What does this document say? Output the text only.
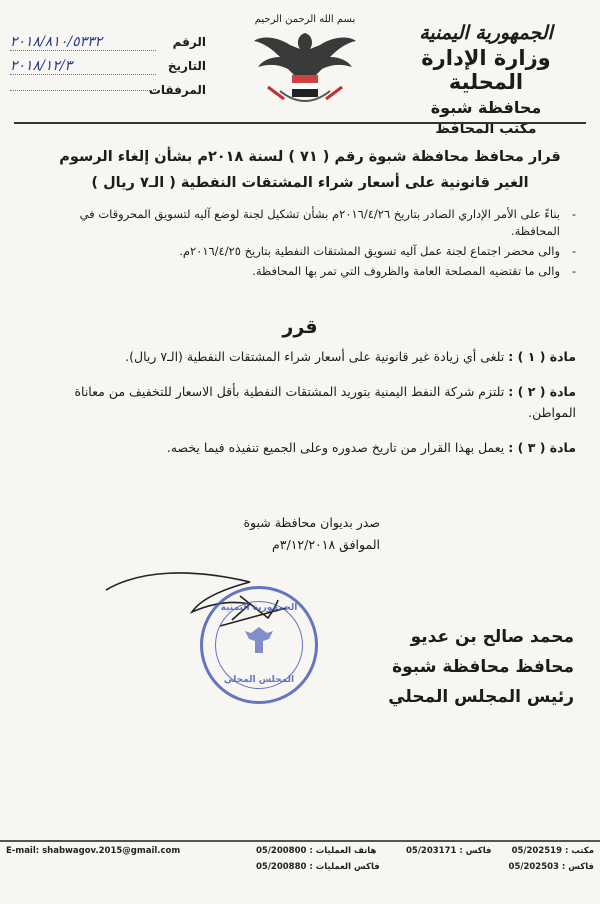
الجمهورية اليمنية
وزارة الإدارة المحلية
محافظة شبوة
مكتب المحافظ
بسم الله الرحمن الرحيم
الرقم
٢٠١٨/٨١٠/٥٣٣٢
التاريخ
٢٠١٨/١٢/٣
المرفقات
قرار محافظ محافظة شبوة رقم ( ٧١ ) لسنة ٢٠١٨م بشأن إلغاء الرسوم
الغير قانونية على أسعار شراء المشتقات النفطية ( الـ٧ ريال )
- بناءً على الأمر الإداري الصادر بتاريخ ٢٠١٦/٤/٢٦م بشأن تشكيل لجنة لوضع آليه لتسويق المحروقات في المحافظة.
- والى محضر اجتماع لجنة عمل آليه تسويق المشتقات النفطية بتاريخ ٢٠١٦/٤/٢٥م.
- والى ما تقتضيه المصلحة العامة والظروف التي تمر بها المحافظة.
قرر
مادة ( ١ ) : تلغى أي زيادة غير قانونية على أسعار شراء المشتقات النفطية (الـ٧ ريال).
مادة ( ٢ ) : تلتزم شركة النفط اليمنية بتوريد المشتقات النفطية بأقل الاسعار للتخفيف من معاناة المواطن.
مادة ( ٣ ) : يعمل بهذا القرار من تاريخ صدوره وعلى الجميع تنفيذه فيما يخصه.
صدر بديوان محافظة شبوة
الموافق ٣/١٢/٢٠١٨م
الجمهورية اليمنية
المجلس المحلي
محمد صالح بن عديو
محافظ محافظة شبوة
رئيس المجلس المحلي
E-mail: shabwagov.2015@gmail.com	هاتف العمليات : 05/200800
فاكس العمليات : 05/200880
فاكس : 05/203171	مكتب : 05/202519
فاكس : 05/202503
